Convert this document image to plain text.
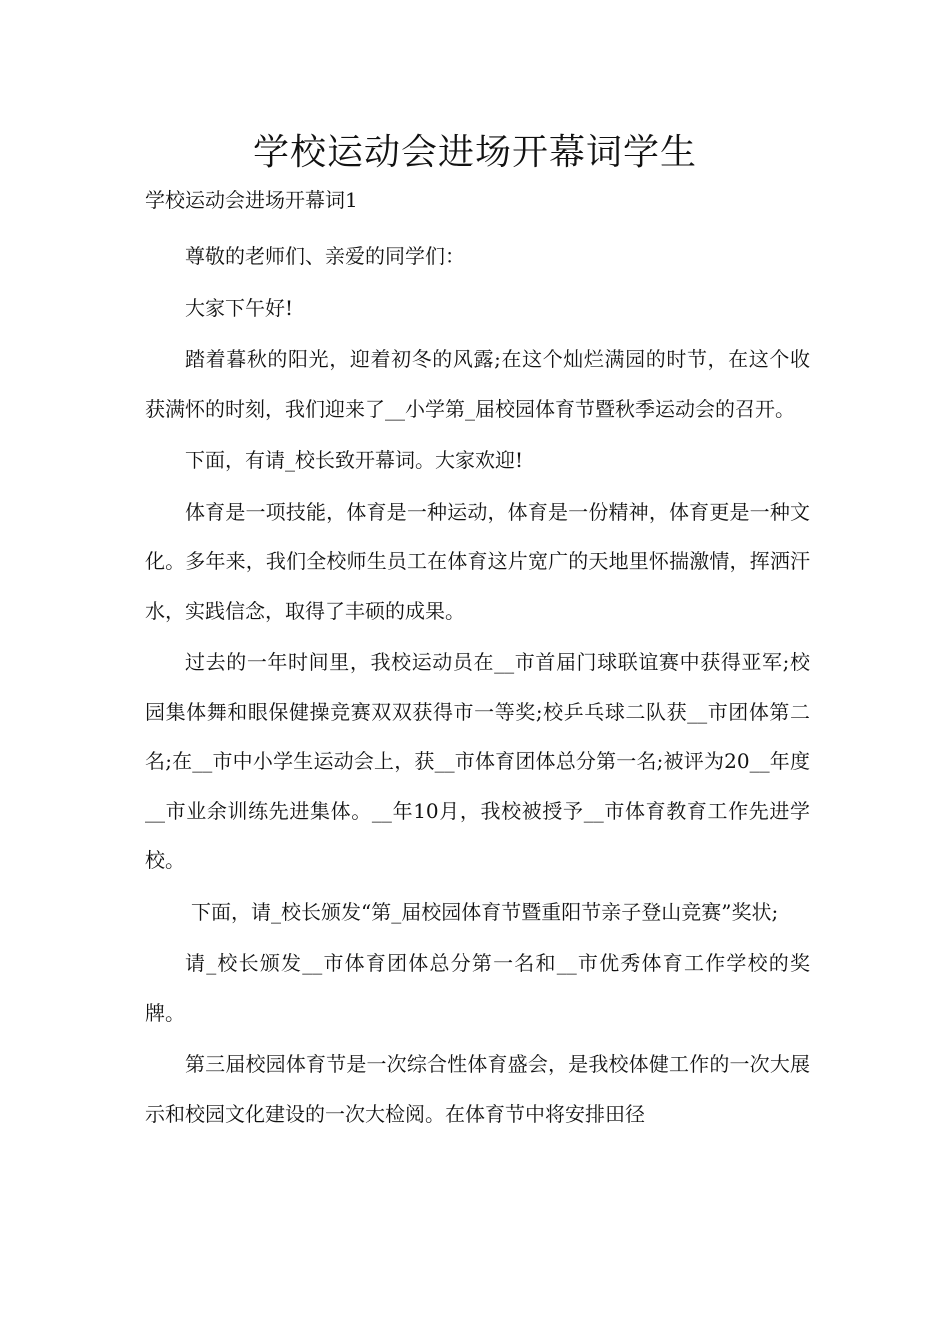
学校运动会进场开幕词学生
学校运动会进场开幕词1

尊敬的老师们、亲爱的同学们：

大家下午好!

踏着暮秋的阳光，迎着初冬的风露;在这个灿烂满园的时节，在这个收获满怀的时刻，我们迎来了__小学第_届校园体育节暨秋季运动会的召开。

下面，有请_校长致开幕词。大家欢迎!

体育是一项技能，体育是一种运动，体育是一份精神，体育更是一种文化。多年来，我们全校师生员工在体育这片宽广的天地里怀揣激情，挥洒汗水，实践信念，取得了丰硕的成果。

过去的一年时间里，我校运动员在__市首届门球联谊赛中获得亚军;校园集体舞和眼保健操竞赛双双获得市一等奖;校乒乓球二队获__市团体第二名;在__市中小学生运动会上，获__市体育团体总分第一名;被评为20__年度__市业余训练先进集体。__年10月，我校被授予__市体育教育工作先进学校。

下面，请_校长颁发“第_届校园体育节暨重阳节亲子登山竞赛”奖状;

请_校长颁发__市体育团体总分第一名和__市优秀体育工作学校的奖牌。

第三届校园体育节是一次综合性体育盛会，是我校体健工作的一次大展示和校园文化建设的一次大检阅。在体育节中将安排田径
